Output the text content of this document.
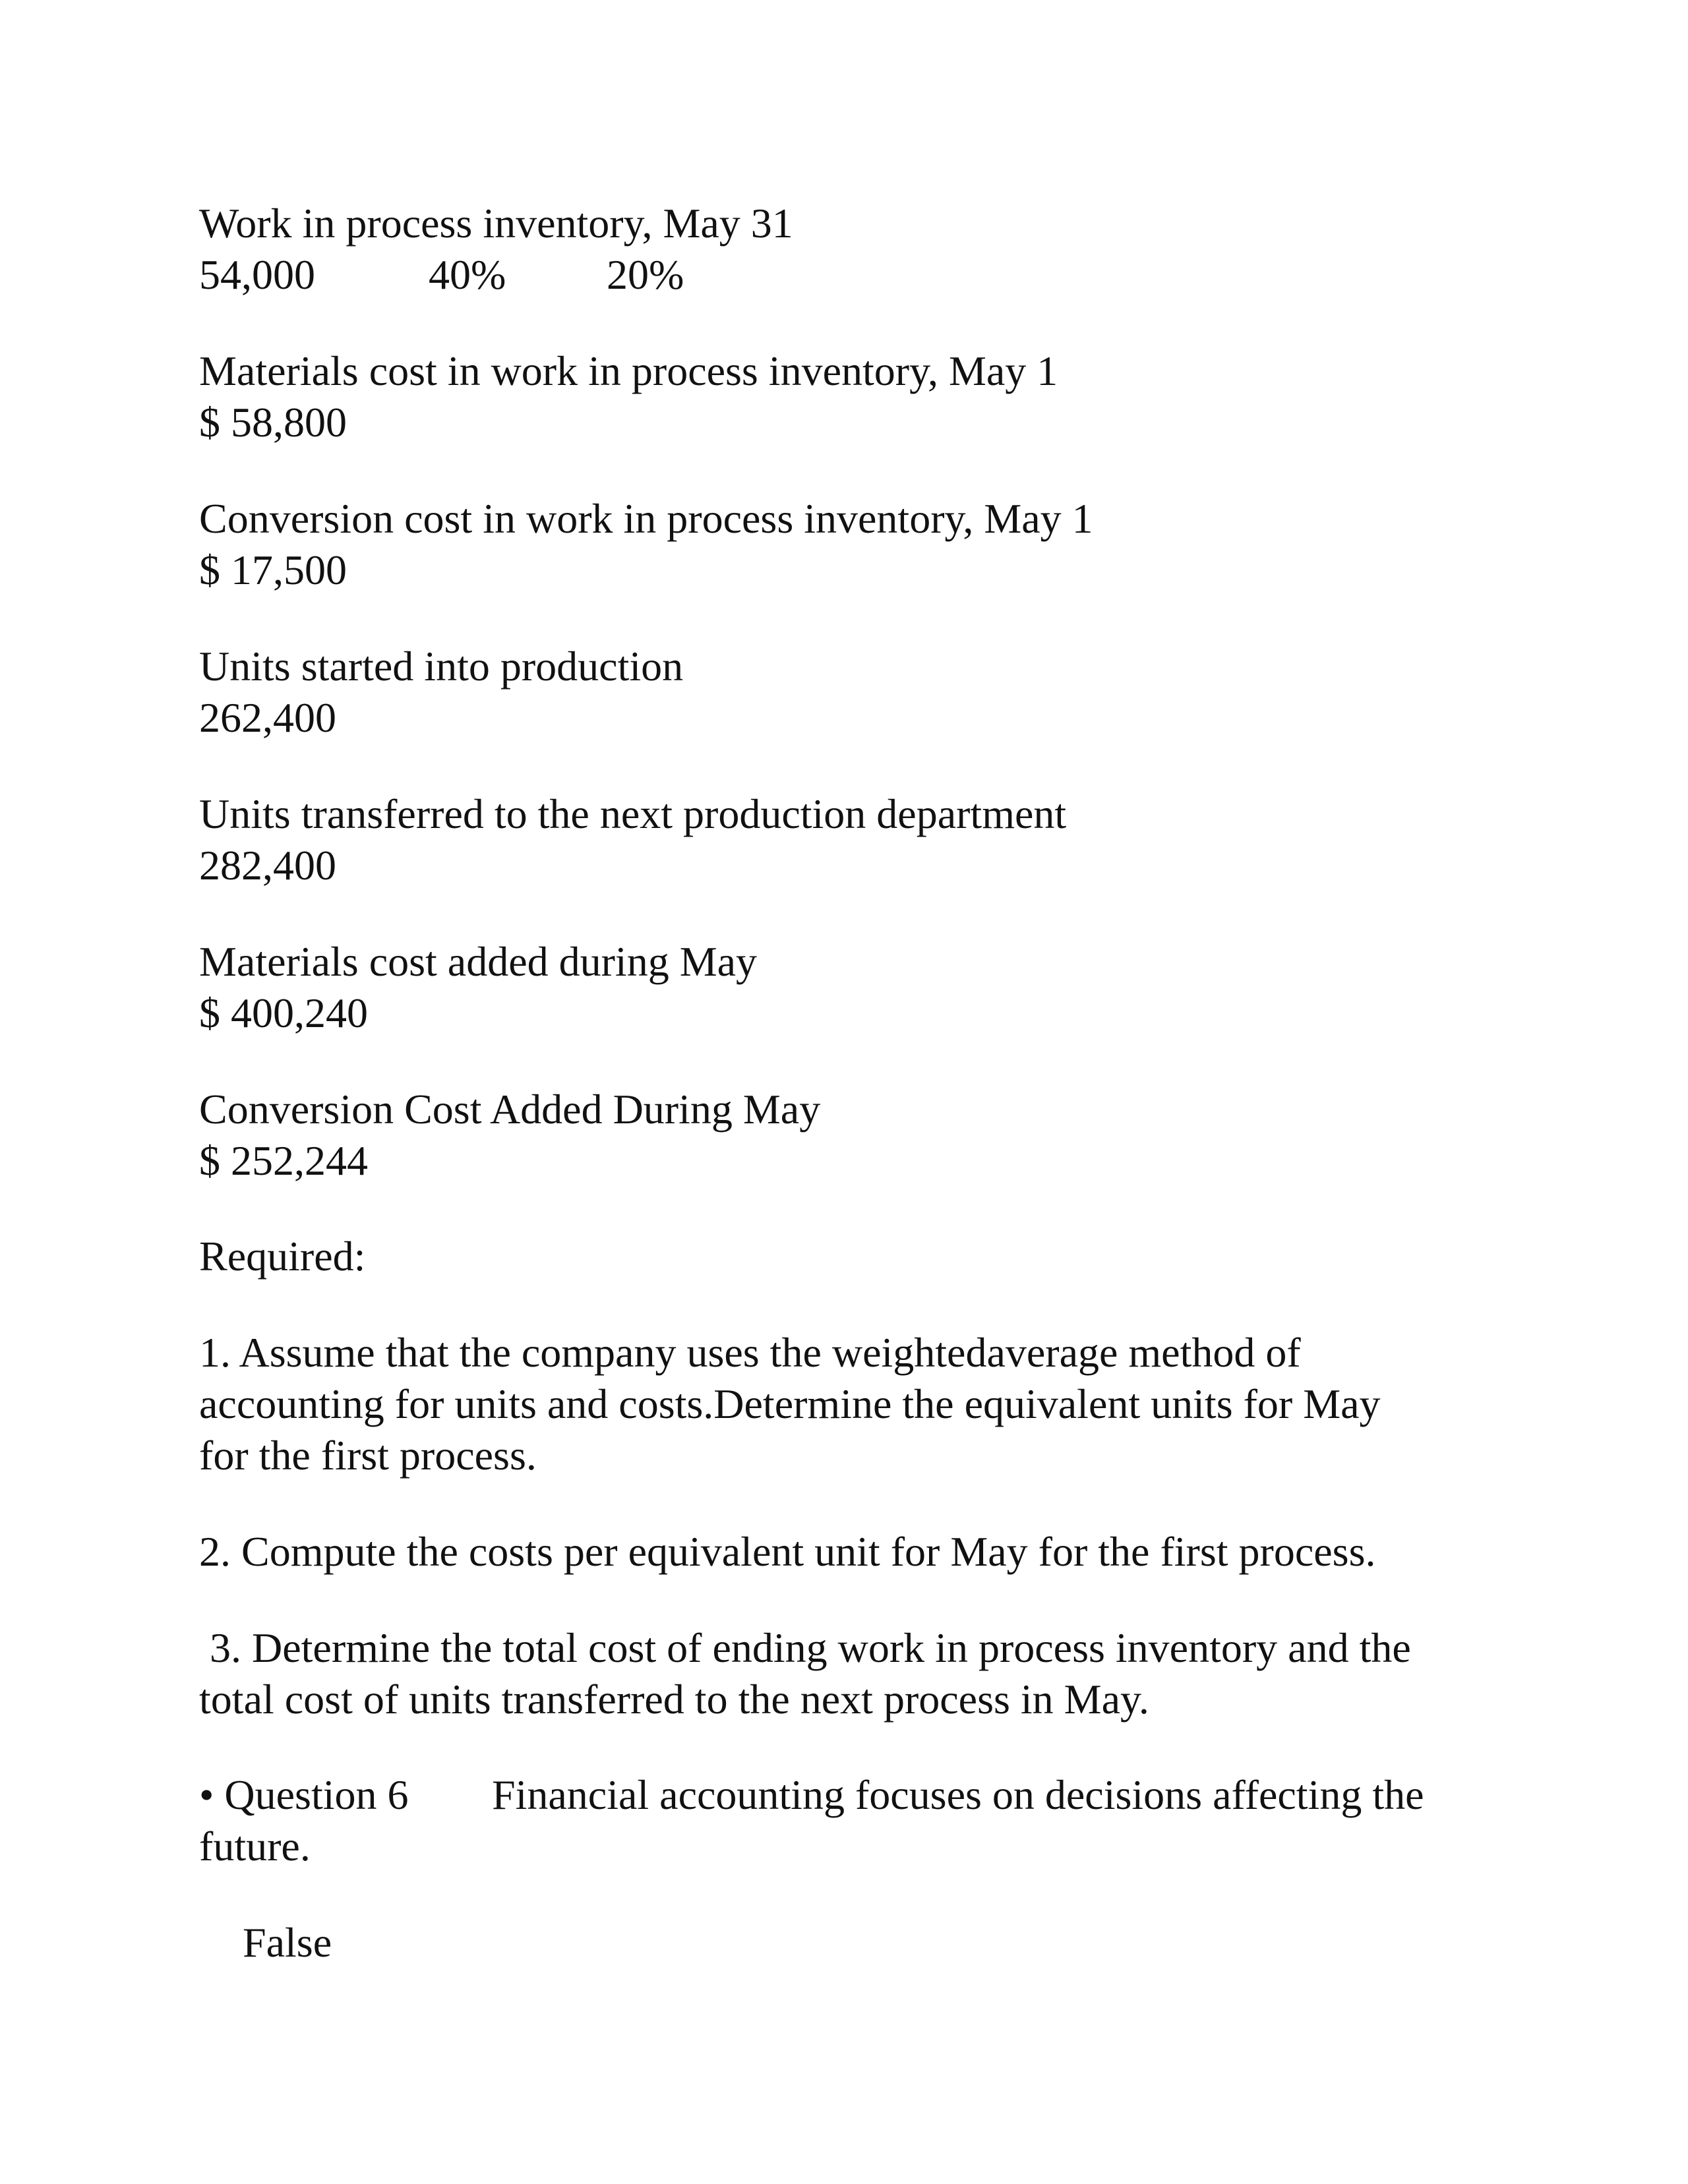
Work in process inventory, May 31
54,000	40% 20%
Materials cost in work in process inventory, May 1
$ 58,800
Conversion cost in work in process inventory, May 1
$ 17,500
Units started into production
262,400
Units transferred to the next production department
282,400
Materials cost added during May
$ 400,240
Conversion Cost Added During May
$ 252,244
Required:
1. Assume that the company uses the weightedaverage method of
accounting for units and costs.Determine the equivalent units for May
for the first process.
2. Compute the costs per equivalent unit for May for the first process.
3. Determine the total cost of ending work in process inventory and the
total cost of units transferred to the next process in May.
• Question 6 Financial accounting focuses on decisions affecting the
future.
False
